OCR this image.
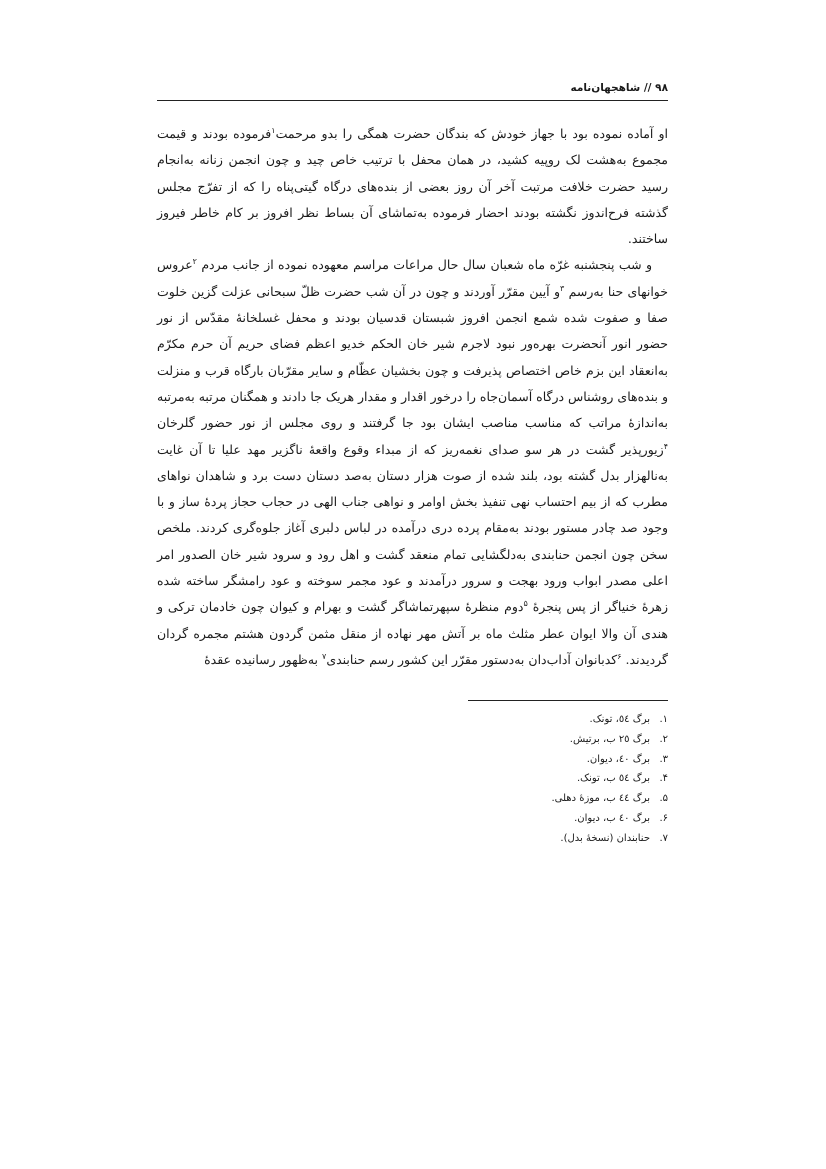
۹۸ // شاهجهان‌نامه

او آماده نموده بود با جهاز خودش که بندگان حضرت همگی را بدو مرحمت$^۱$فرموده بودند و قیمت مجموع به‌هشت لک روپیه کشید، در همان محفل با ترتیب خاص چید و چون انجمن زنانه به‌انجام رسید حضرت خلافت مرتبت آخر آن روز بعضی از بنده‌های درگاه گیتی‌پناه را که از تفرّج مجلس گذشته فرح‌اندوز نگشته بودند احضار فرموده به‌تماشای آن بساط نظر افروز بر کام خاطر فیروز ساختند.

و شب پنجشنبه غرّه ماه شعبان سال حال مراعات مراسم معهوده نموده از جانب مردم $^۲$عروس خوانهای حنا به‌رسم $^۳$و آیین مقرّر آوردند و چون در آن شب حضرت ظلّ سبحانی عزلت گزین خلوت صفا و صفوت شده شمع انجمن افروز شبستان قدسیان بودند و محفل غسلخانهٔ مقدّس از نور حضور انور آنحضرت بهره‌ور نبود لاجرم شیر خان الحکم خدیو اعظم فضای حریم آن حرم مکرّم به‌انعقاد این بزم خاص اختصاص پذیرفت و چون بخشیان عظّام و سایر مقرّبان بارگاه قرب و منزلت و بنده‌های روشناس درگاه آسمان‌جاه را درخور اقدار و مقدار هریک جا دادند و همگنان مرتبه به‌مرتبه به‌اندازهٔ مراتب که مناسب مناصب ایشان بود جا گرفتند و روی مجلس از نور حضور گلرخان $^۴$زیورپذیر گشت در هر سو صدای نغمه‌ریز که از مبداء وقوع واقعهٔ ناگزیر مهد علیا تا آن غایت به‌نالهزار بدل گشته بود، بلند شده از صوت هزار دستان به‌صد دستان دست برد و شاهدان نواهای مطرب که از بیم احتساب نهی تنفیذ بخش اوامر و نواهی جناب الهی در حجاب حجاز پردهٔ ساز و با وجود صد چادر مستور بودند به‌مقام پرده دری درآمده در لباس دلبری آغاز جلوه‌گری کردند. ملخص سخن چون انجمن حنابندی به‌دلگشایی تمام منعقد گشت و اهل رود و سرود شیر خان الصدور امر اعلی مصدر ابواب ورود بهجت و سرور درآمدند و عود مجمر سوخته و عود رامشگر ساخته شده زهرهٔ خنیاگر از پس پنجرهٔ $^۵$دوم منظرهٔ سپهرتماشاگر گشت و بهرام و کیوان چون خادمان ترکی و هندی آن والا ایوان عطر مثلث ماه بر آتش مهر نهاده از منقل مثمن گردون هشتم مجمره گردان گردیدند. $^۶$کدبانوان آداب‌دان به‌دستور مقرّر این کشور رسم حنابندی$^۷$ به‌ظهور رسانیده عقدهٔ

۱.
برگ ٥٤، تونک.
۲.
برگ ۲٥ ب، برتیش.
۳.
برگ ٤۰، دیوان.
۴.
برگ ٥٤ ب، تونک.
۵.
برگ ٤٤ ب، موزهٔ دهلی.
۶.
برگ ٤۰ ب، دیوان.
۷.
حنابندان (نسخهٔ بدل).
